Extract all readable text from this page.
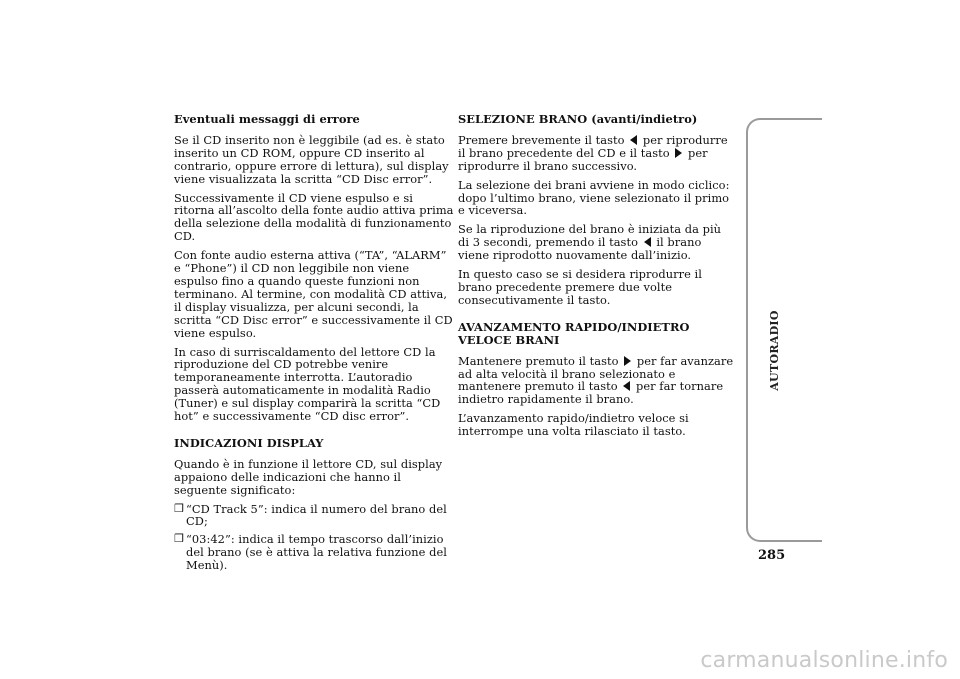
Eventuali messaggi di errore
Se il CD inserito non è leggibile (ad es. è stato inserito un CD ROM, oppure CD inserito al contrario, oppure errore di lettura), sul display viene visualizzata la scritta “CD Disc error”.
Successivamente il CD viene espulso e si ritorna all’ascolto della fonte audio attiva prima della selezione della modalità di funzionamento CD.
Con fonte audio esterna attiva (“TA”, “ALARM” e “Phone”) il CD non leggibile non viene espulso fino a quando queste funzioni non terminano. Al termine, con modalità CD attiva, il display visualizza, per alcuni secondi, la scritta “CD Disc error” e successivamente il CD viene espulso.
In caso di surriscaldamento del lettore CD la riproduzione del CD potrebbe venire temporaneamente interrotta. L’autoradio passerà automaticamente in modalità Radio (Tuner) e sul display comparirà la scritta “CD hot” e successivamente “CD disc error”.
INDICAZIONI DISPLAY
Quando è in funzione il lettore CD, sul display appaiono delle indicazioni che hanno il seguente significato:
❒ “CD Track 5”: indica il numero del brano del CD;
❒ “03:42”: indica il tempo trascorso dall’inizio del brano (se è attiva la relativa funzione del Menù).
SELEZIONE BRANO (avanti/indietro)
Premere brevemente il tasto per riprodurre il brano precedente del CD e il tasto per riprodurre il brano successivo.
La selezione dei brani avviene in modo ciclico: dopo l’ultimo brano, viene selezionato il primo e viceversa.
Se la riproduzione del brano è iniziata da più di 3 secondi, premendo il tasto il brano viene riprodotto nuovamente dall’inizio.
In questo caso se si desidera riprodurre il brano precedente premere due volte consecutivamente il tasto.
AVANZAMENTO RAPIDO/INDIETRO VELOCE BRANI
Mantenere premuto il tasto per far avanzare ad alta velocità il brano selezionato e mantenere premuto il tasto per far tornare indietro rapidamente il brano.
L’avanzamento rapido/indietro veloce si interrompe una volta rilasciato il tasto.
AUTORADIO
285
carmanualsonline.info
